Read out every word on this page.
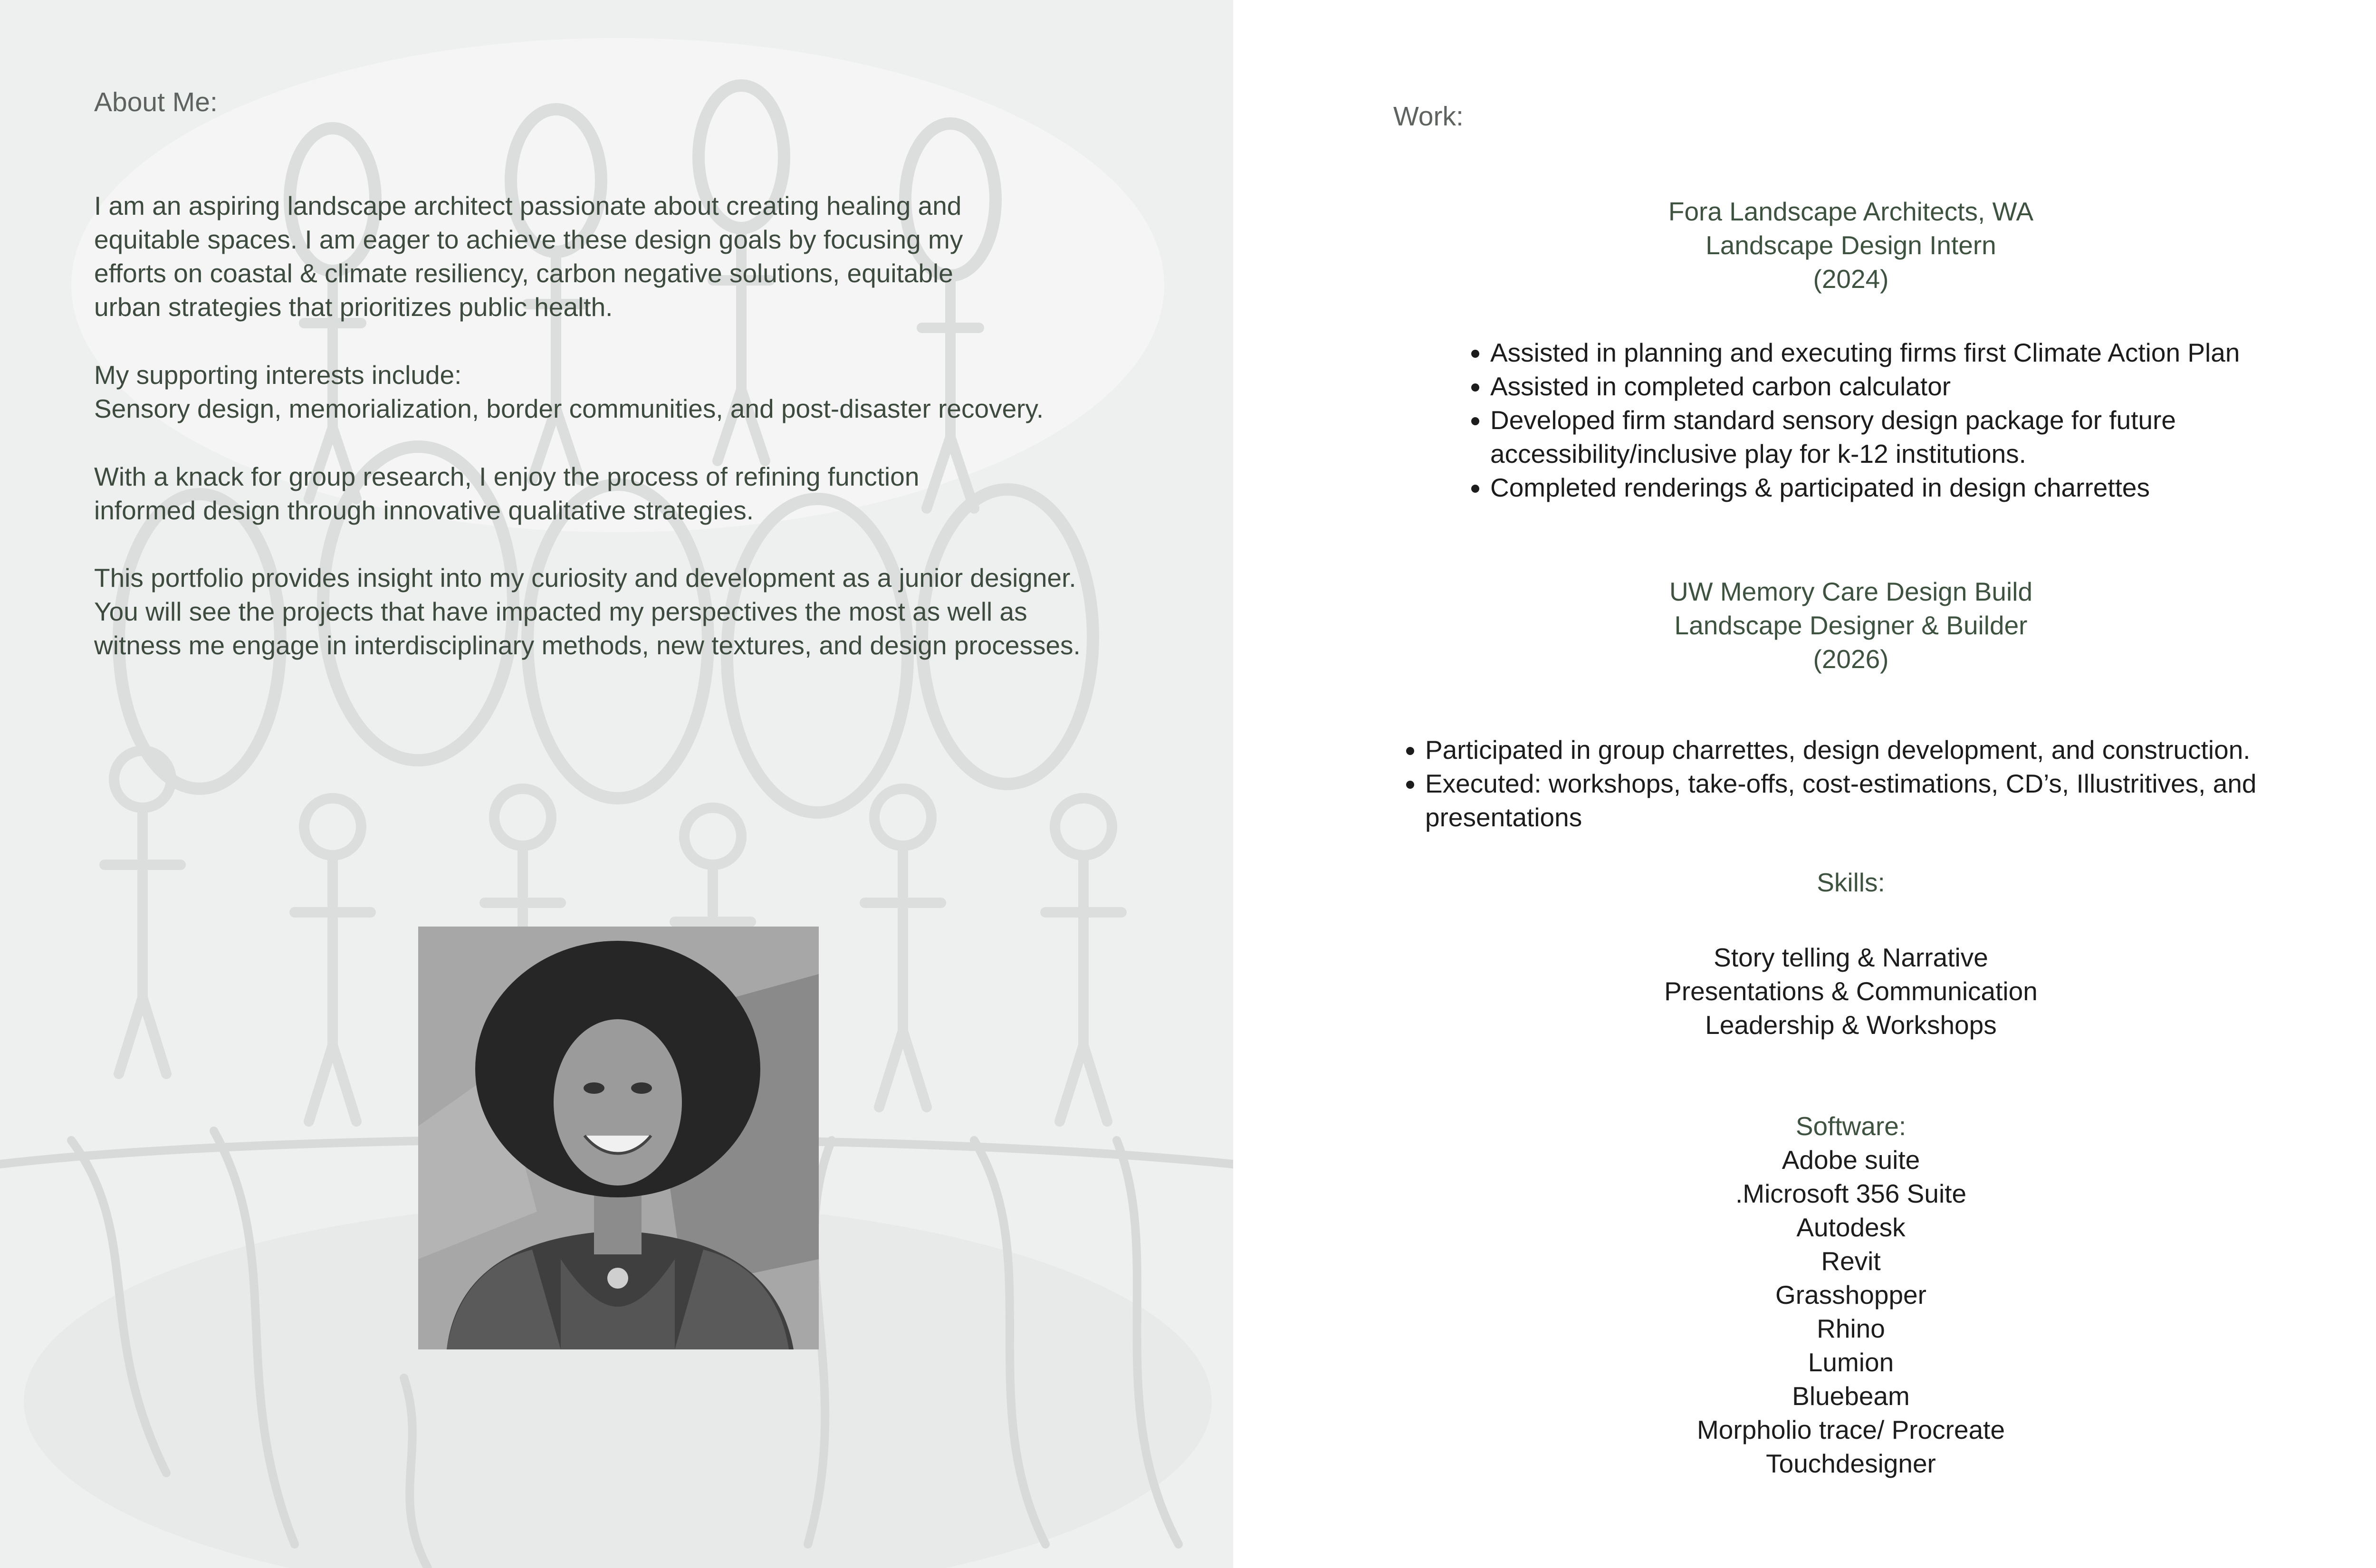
About Me:

I am an aspiring landscape architect passionate about creating healing and
equitable spaces. I am eager to achieve these design goals by focusing my
efforts on coastal & climate resiliency, carbon negative solutions, equitable
urban strategies that prioritizes public health.

My supporting interests include:
Sensory design, memorialization, border communities, and post-disaster recovery.

With a knack for group research, I enjoy the process of refining function
informed design through innovative qualitative strategies.

This portfolio provides insight into my curiosity and development as a junior designer.
You will see the projects that have impacted my perspectives the most as well as
witness me engage in interdisciplinary methods, new textures, and design processes.

Work:
Fora Landscape Architects, WA
Landscape Design Intern
(2024)
• Assisted in planning and executing firms first Climate Action Plan
• Assisted in completed carbon calculator
• Developed firm standard sensory design package for future accessibility/inclusive play for k-12 institutions.
• Completed renderings & participated in design charrettes
UW Memory Care Design Build
Landscape Designer & Builder
(2026)
• Participated in group charrettes, design development, and construction.
• Executed: workshops, take-offs, cost-estimations, CD’s, Illustritives, and presentations
Skills:
Story telling & Narrative
Presentations & Communication
Leadership & Workshops
Software:
Adobe suite
.Microsoft 356 Suite
Autodesk
Revit
Grasshopper
Rhino
Lumion
Bluebeam
Morpholio trace/ Procreate
Touchdesigner
